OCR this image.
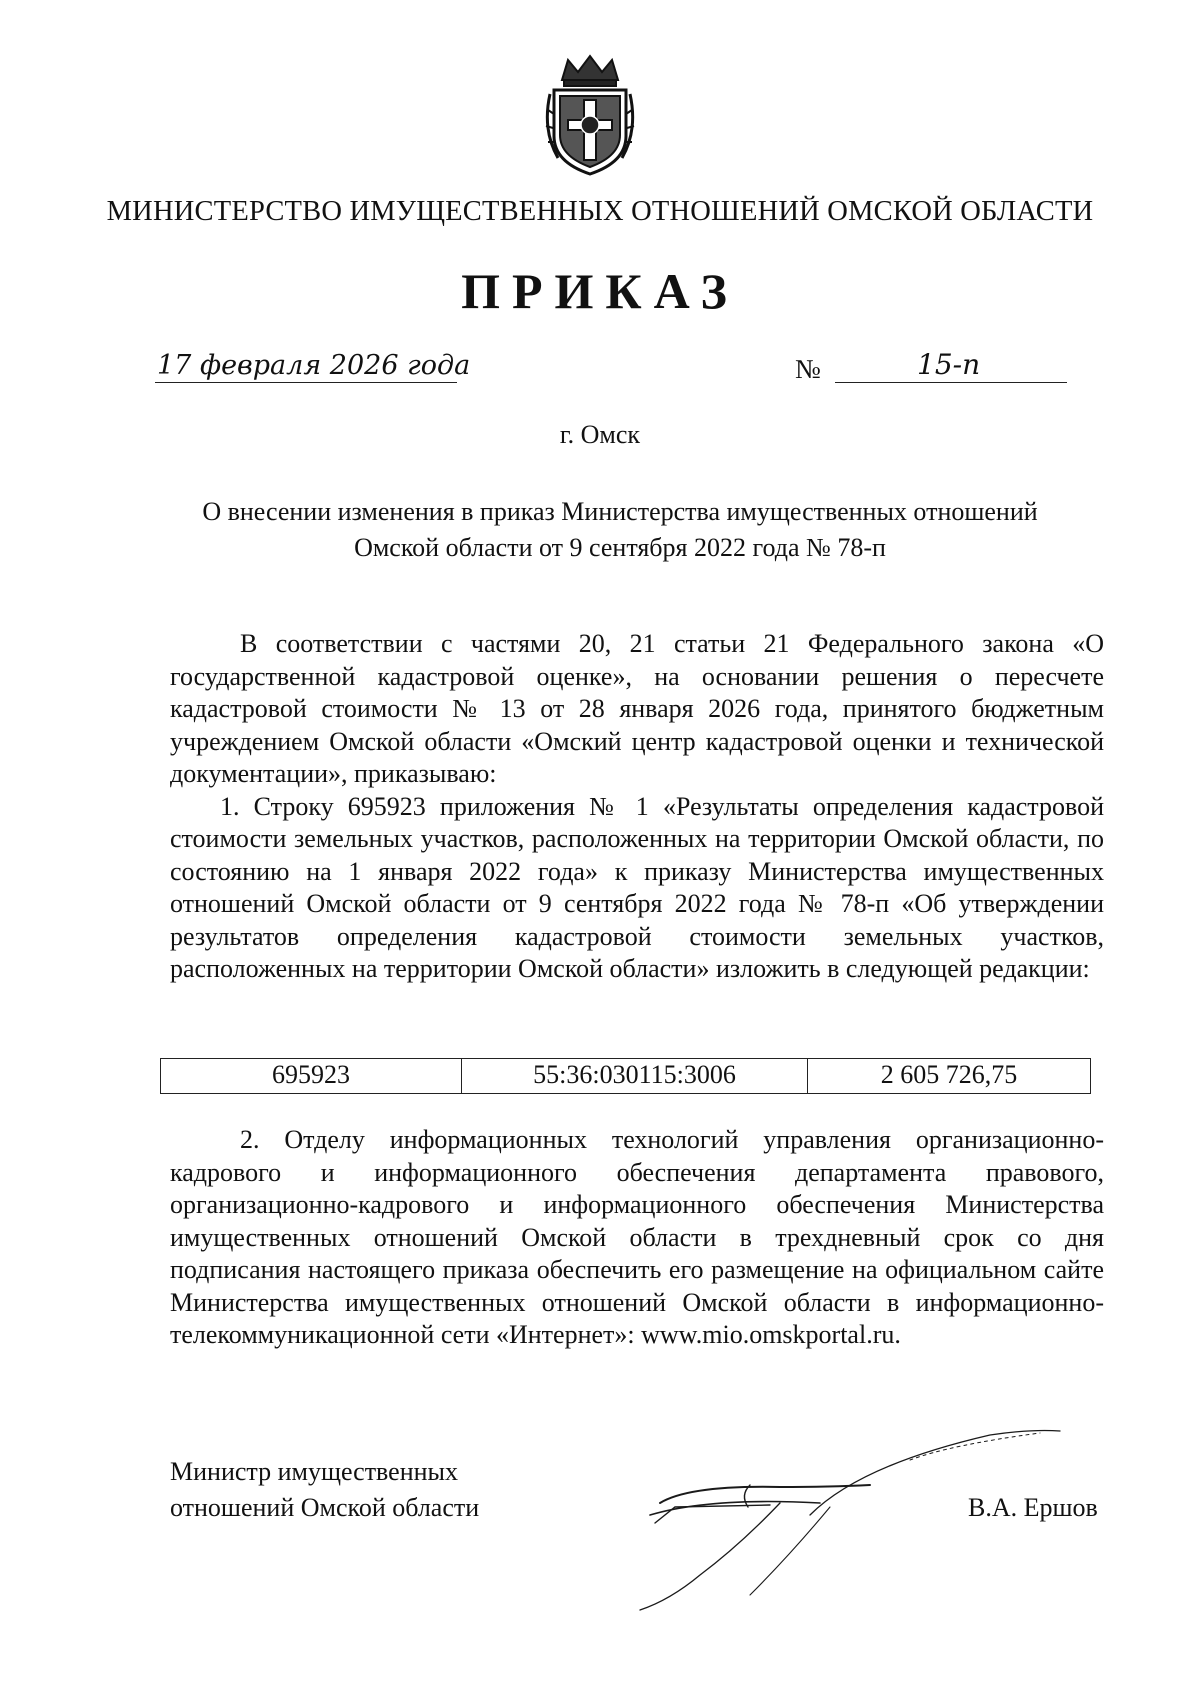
МИНИСТЕРСТВО ИМУЩЕСТВЕННЫХ ОТНОШЕНИЙ ОМСКОЙ ОБЛАСТИ
ПРИКАЗ
17 февраля 2026 года	№	15-п
г. Омск
О внесении изменения в приказ Министерства имущественных отношений
Омской области от 9 сентября 2022 года № 78-п

В соответствии с частями 20, 21 статьи 21 Федерального закона «О государственной кадастровой оценке», на основании решения о пересчете кадастровой стоимости № 13 от 28 января 2026 года, принятого бюджетным учреждением Омской области «Омский центр кадастровой оценки и технической документации», приказываю:

1. Строку 695923 приложения № 1 «Результаты определения кадастровой стоимости земельных участков, расположенных на территории Омской области, по состоянию на 1 января 2022 года» к приказу Министерства имущественных отношений Омской области от 9 сентября 2022 года № 78-п «Об утверждении результатов определения кадастровой стоимости земельных участков, расположенных на территории Омской области» изложить в следующей редакции:

695923	55:36:030115:3006	2 605 726,75

2. Отделу информационных технологий управления организационно-кадрового и информационного обеспечения департамента правового, организационно-кадрового и информационного обеспечения Министерства имущественных отношений Омской области в трехдневный срок со дня подписания настоящего приказа обеспечить его размещение на официальном сайте Министерства имущественных отношений Омской области в информационно-телекоммуникационной сети «Интернет»: www.mio.omskportal.ru.

Министр имущественных
отношений Омской области	В.А. Ершов
